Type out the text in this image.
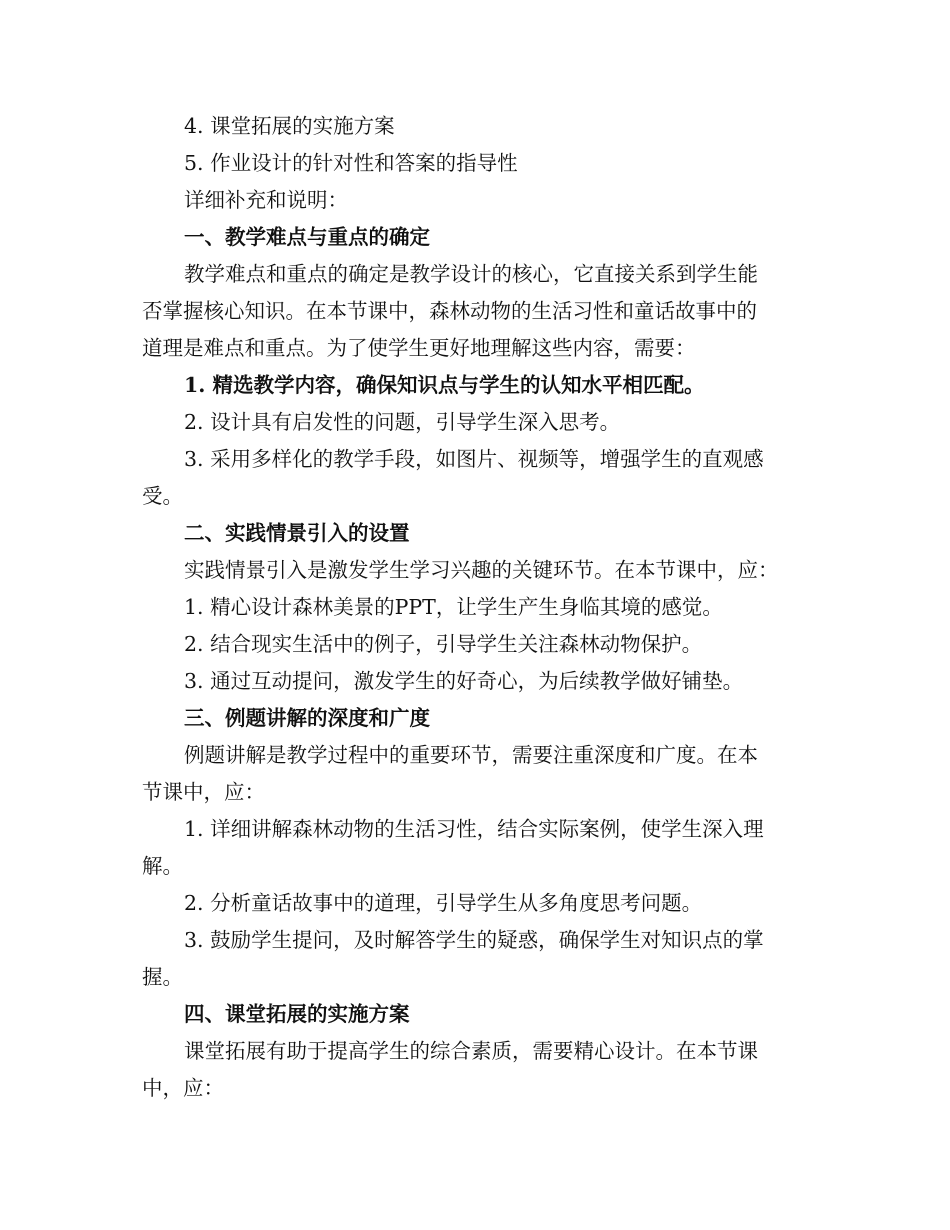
4. 课堂拓展的实施方案
5. 作业设计的针对性和答案的指导性
详细补充和说明：
一、教学难点与重点的确定
教学难点和重点的确定是教学设计的核心，它直接关系到学生能
否掌握核心知识。在本节课中，森林动物的生活习性和童话故事中的
道理是难点和重点。为了使学生更好地理解这些内容，需要：
1. 精选教学内容，确保知识点与学生的认知水平相匹配。
2. 设计具有启发性的问题，引导学生深入思考。
3. 采用多样化的教学手段，如图片、视频等，增强学生的直观感
受。
二、实践情景引入的设置
实践情景引入是激发学生学习兴趣的关键环节。在本节课中，应：
1. 精心设计森林美景的PPT，让学生产生身临其境的感觉。
2. 结合现实生活中的例子，引导学生关注森林动物保护。
3. 通过互动提问，激发学生的好奇心，为后续教学做好铺垫。
三、例题讲解的深度和广度
例题讲解是教学过程中的重要环节，需要注重深度和广度。在本
节课中，应：
1. 详细讲解森林动物的生活习性，结合实际案例，使学生深入理
解。
2. 分析童话故事中的道理，引导学生从多角度思考问题。
3. 鼓励学生提问，及时解答学生的疑惑，确保学生对知识点的掌
握。
四、课堂拓展的实施方案
课堂拓展有助于提高学生的综合素质，需要精心设计。在本节课
中，应：
